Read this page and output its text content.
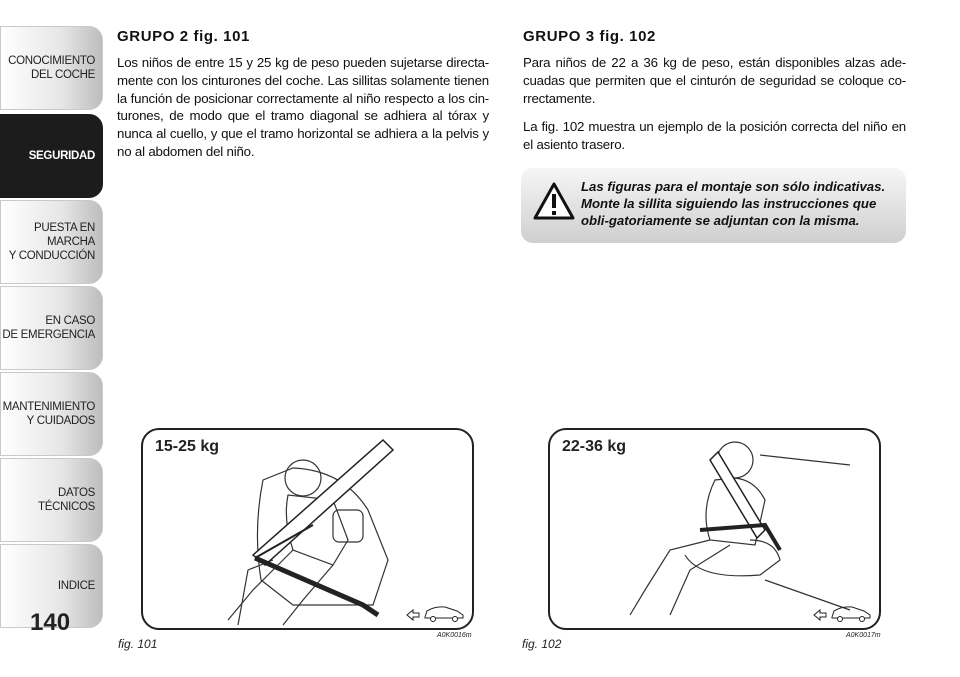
CONOCIMIENTO
DEL COCHE
SEGURIDAD
PUESTA EN MARCHA
Y CONDUCCIÓN
EN CASO
DE EMERGENCIA
MANTENIMIENTO
Y CUIDADOS
DATOS TÉCNICOS
INDICE
140
GRUPO 2 fig. 101

Los niños de entre 15 y 25 kg de peso pueden sujetarse directa-mente con los cinturones del coche. Las sillitas solamente tienen la función de posicionar correctamente al niño respecto a los cin-turones, de modo que el tramo diagonal se adhiera al tórax y nunca al cuello, y que el tramo horizontal se adhiera a la pelvis y no al abdomen del niño.

GRUPO 3 fig. 102

Para niños de 22 a 36 kg de peso, están disponibles alzas ade-cuadas que permiten que el cinturón de seguridad se coloque co-rrectamente.

La fig. 102 muestra un ejemplo de la posición correcta del niño en el asiento trasero.

Las figuras para el montaje son sólo indicativas. Monte la sillita siguiendo las instrucciones que obli-gatoriamente se adjuntan con la misma.
15-25 kg
fig. 101
A0K0016m
22-36 kg
fig. 102
A0K0017m
